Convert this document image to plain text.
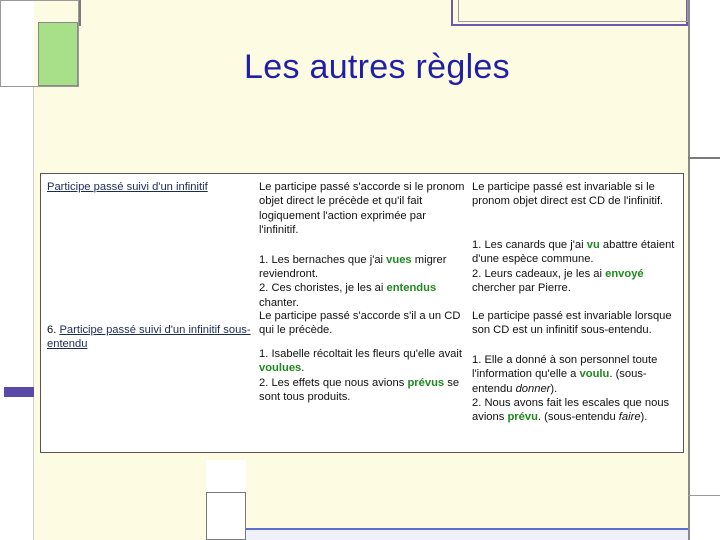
Les autres règles
Participe passé suivi d'un infinitif	Le participe passé s'accorde si le pronom objet direct le précède et qu'il fait logiquement l'action exprimée par l'infinitif.

1. Les bernaches que j'ai vues migrer reviendront.

2. Ces choristes, je les ai entendus chanter.

Le participe passé est invariable si le pronom objet direct est CD de l'infinitif.

1. Les canards que j'ai vu abattre étaient d'une espèce commune.

2. Leurs cadeaux, je les ai envoyé chercher par Pierre.

6. Participe passé suivi d'un infinitif sous-entendu

Le participe passé s'accorde s'il a un CD qui le précède.

1. Isabelle récoltait les fleurs qu'elle avait voulues.

2. Les effets que nous avions prévus se sont tous produits.

Le participe passé est invariable lorsque son CD est un infinitif sous-entendu.

1. Elle a donné à son personnel toute l'information qu'elle a voulu. (sous-entendu donner).

2. Nous avons fait les escales que nous avions prévu. (sous-entendu faire).
